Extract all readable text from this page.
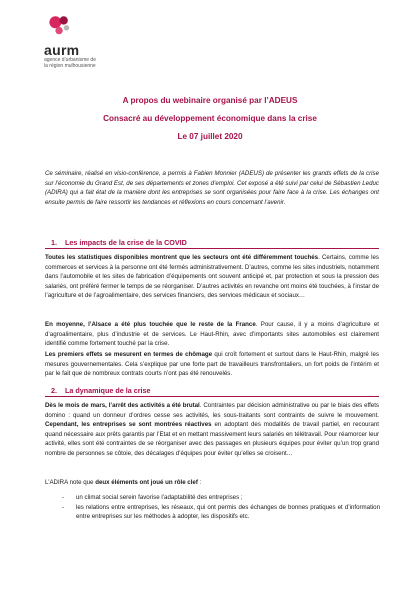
aurm
agence d’urbanisme de
la région mulhousienne
A propos du webinaire organisé par l’ADEUS
Consacré au développement économique dans la crise
Le 07 juillet 2020

Ce séminaire, réalisé en visio-conférence, a permis à Fabien Monnier (ADEUS) de présenter les grands effets de la crise sur l’économie du Grand Est, de ses départements et zones d’emploi. Cet exposé a été suivi par celui de Sébastien Leduc (ADIRA) qui a fait état de la manière dont les entreprises se sont organisées pour faire face à la crise. Les échanges ont ensuite permis de faire ressortir les tendances et réflexions en cours concernant l’avenir.

1. Les impacts de la crise de la COVID

Toutes les statistiques disponibles montrent que les secteurs ont été différemment touchés. Certains, comme les commerces et services à la personne ont été fermés administrativement. D’autres, comme les sites industriels, notamment dans l’automobile et les sites de fabrication d’équipements ont souvent anticipé et, par protection et sous la pression des salariés, ont préféré fermer le temps de se réorganiser. D’autres activités en revanche ont moins été touchées, à l’instar de l’agriculture et de l’agroalimentaire, des services financiers, des services médicaux et sociaux…

En moyenne, l’Alsace a été plus touchée que le reste de la France. Pour cause, il y a moins d’agriculture et d’agroalimentaire, plus d’industrie et de services. Le Haut-Rhin, avec d’importants sites automobiles est clairement identifié comme fortement touché par la crise.

Les premiers effets se mesurent en termes de chômage qui croît fortement et surtout dans le Haut-Rhin, malgré les mesures gouvernementales. Cela s’explique par une forte part de travailleurs transfrontaliers, un fort poids de l’intérim et par le fait que de nombreux contrats courts n’ont pas été renouvelés.

2. La dynamique de la crise

Dès le mois de mars, l’arrêt des activités a été brutal. Contraintes par décision administrative ou par le biais des effets domino : quand un donneur d’ordres cesse ses activités, les sous-traitants sont contraints de suivre le mouvement. Cependant, les entreprises se sont montrées réactives en adoptant des modalités de travail partiel, en recourant quand nécessaire aux prêts garantis par l’Etat et en mettant massivement leurs salariés en télétravail. Pour réamorcer leur activité, elles sont été contraintes de se réorganiser avec des passages en plusieurs équipes pour éviter qu’un trop grand nombre de personnes se côtoie, des décalages d’équipes pour éviter qu’elles se croisent…

L’ADIRA note que deux éléments ont joué un rôle clef :

- un climat social serein favorise l’adaptabilité des entreprises ;
- les relations entre entreprises, les réseaux, qui ont permis des échanges de bonnes pratiques et d’information entre entreprises sur les méthodes à adopter, les dispositifs etc.
